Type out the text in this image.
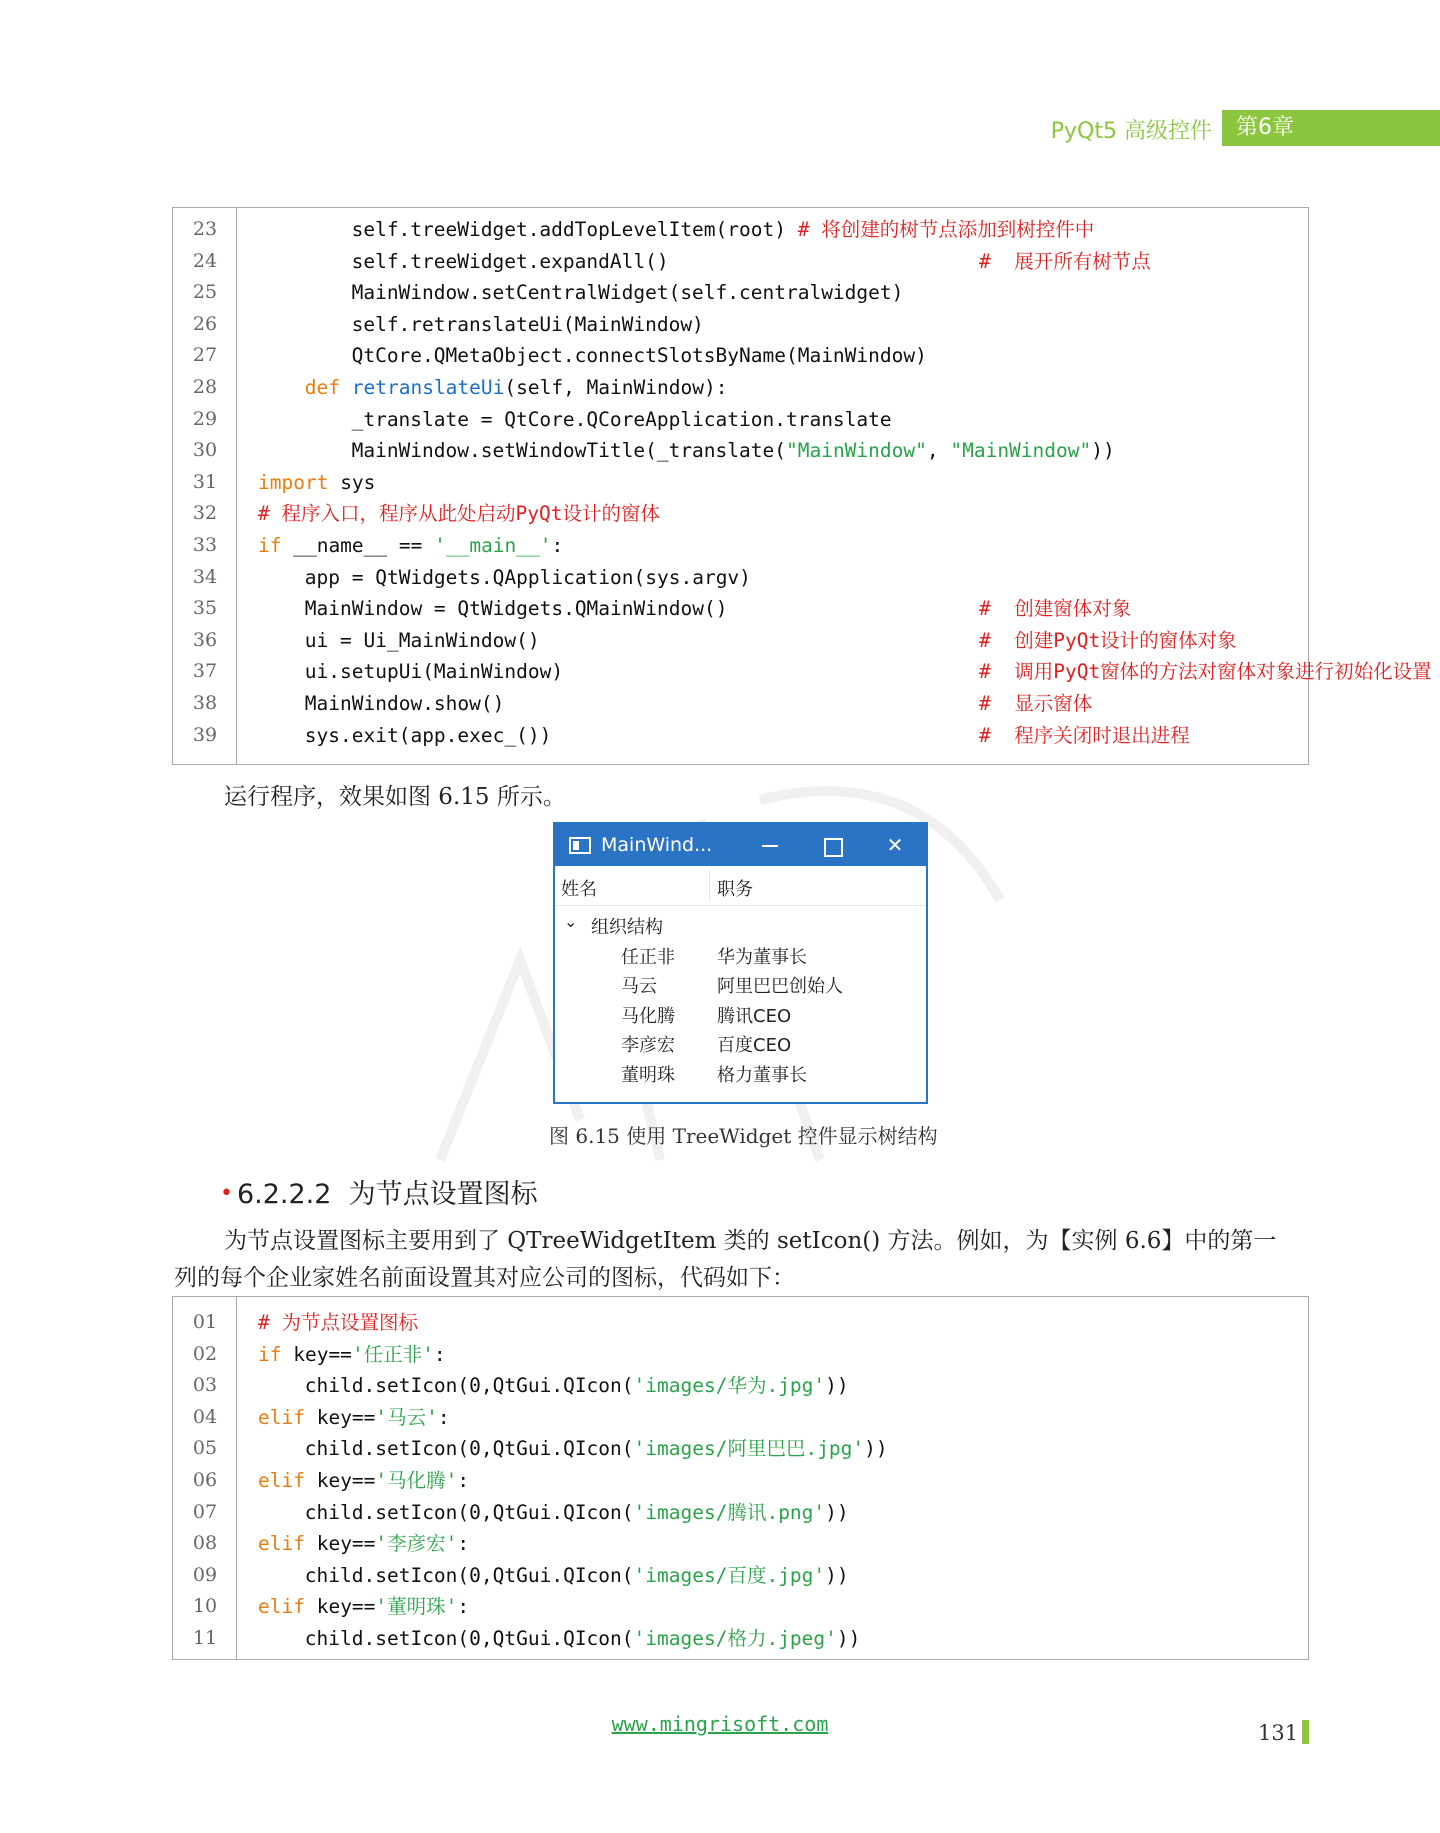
PyQt5 高级控件	第6章
23	self.treeWidget.addTopLevelItem(root) # 将创建的树节点添加到树控件中
24	self.treeWidget.expandAll()	#  展开所有树节点
25	MainWindow.setCentralWidget(self.centralwidget)
26	self.retranslateUi(MainWindow)
27	QtCore.QMetaObject.connectSlotsByName(MainWindow)
28	def retranslateUi(self, MainWindow):
29	_translate = QtCore.QCoreApplication.translate
30	MainWindow.setWindowTitle(_translate("MainWindow", "MainWindow"))
31	import sys
32	# 程序入口，程序从此处启动PyQt设计的窗体
33	if __name__ == '__main__':
34	app = QtWidgets.QApplication(sys.argv)
35	MainWindow = QtWidgets.QMainWindow()	#  创建窗体对象
36	ui = Ui_MainWindow()	#  创建PyQt设计的窗体对象
37	ui.setupUi(MainWindow)	#  调用PyQt窗体的方法对窗体对象进行初始化设置
38	MainWindow.show()	#  显示窗体
39	sys.exit(app.exec_())	#  程序关闭时退出进程
运行程序，效果如图 6.15 所示。
MainWind...	✕
姓名	职务
⌄ 组织结构
任正非 华为董事长
马云	阿里巴巴创始人
马化腾 腾讯CEO
李彦宏 百度CEO
董明珠 格力董事长
图 6.15 使用 TreeWidget 控件显示树结构
• 6.2.2.2 为节点设置图标
为节点设置图标主要用到了 QTreeWidgetItem 类的 setIcon() 方法。例如，为【实例 6.6】中的第一
列的每个企业家姓名前面设置其对应公司的图标，代码如下：
01	# 为节点设置图标
02	if key=='任正非':
03	child.setIcon(0,QtGui.QIcon('images/华为.jpg'))
04	elif key=='马云':
05	child.setIcon(0,QtGui.QIcon('images/阿里巴巴.jpg'))
06	elif key=='马化腾':
07	child.setIcon(0,QtGui.QIcon('images/腾讯.png'))
08	elif key=='李彦宏':
09	child.setIcon(0,QtGui.QIcon('images/百度.jpg'))
10	elif key=='董明珠':
11	child.setIcon(0,QtGui.QIcon('images/格力.jpeg'))
www.mingrisoft.com	131
